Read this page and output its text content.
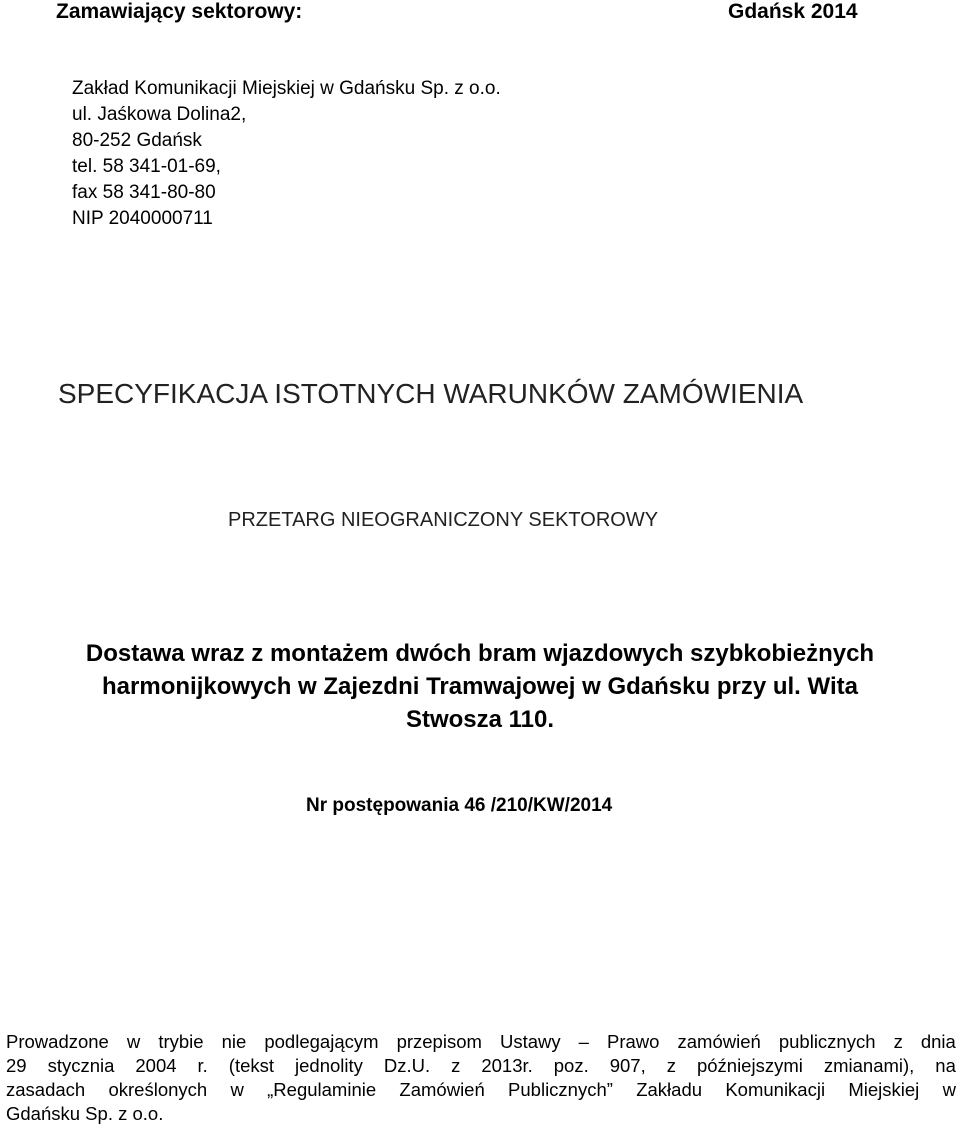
Zamawiający sektorowy:	Gdańsk 2014
Zakład Komunikacji Miejskiej w Gdańsku Sp. z o.o.
ul. Jaśkowa Dolina2,
80-252 Gdańsk
tel. 58 341-01-69,
fax 58 341-80-80
NIP 2040000711
SPECYFIKACJA ISTOTNYCH WARUNKÓW ZAMÓWIENIA
PRZETARG NIEOGRANICZONY SEKTOROWY
Dostawa wraz z montażem dwóch bram wjazdowych szybkobieżnych
harmonijkowych w Zajezdni Tramwajowej w Gdańsku przy ul. Wita
Stwosza 110.
Nr postępowania 46 /210/KW/2014
Prowadzone w trybie nie podlegającym przepisom Ustawy – Prawo zamówień publicznych z dnia
29 stycznia 2004 r. (tekst jednolity Dz.U. z 2013r. poz. 907, z późniejszymi zmianami), na
zasadach określonych w „Regulaminie Zamówień Publicznych” Zakładu Komunikacji Miejskiej w
Gdańsku Sp. z o.o.
